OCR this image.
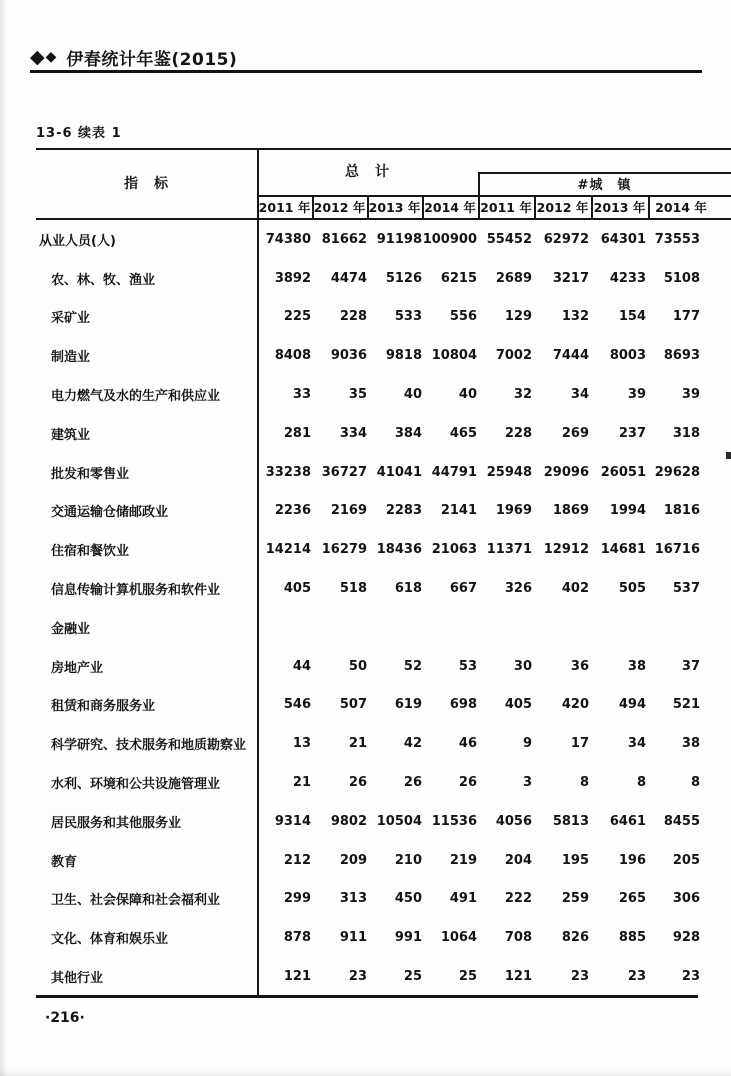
◆ ◆ 伊春统计年鉴(2015)
13-6 续表 1
指　标
总　计
#城　镇
2011 年 2012 年 2013 年 2014 年 2011 年 2012 年 2013 年 2014 年
从业人员(人)	74380 81662 91198 100900 55452 62972 64301 73553
农、林、牧、渔业	3892	4474	5126	6215	2689	3217	4233	5108
采矿业	225	228	533	556	129	132	154	177
制造业	8408	9036	9818 10804	7002	7444	8003	8693
电力燃气及水的生产和供应业	33	35	40	40	32	34	39	39
建筑业	281	334	384	465	228	269	237	318
批发和零售业	33238 36727 41041 44791 25948 29096 26051 29628
交通运输仓储邮政业	2236	2169	2283	2141	1969	1869	1994	1816
住宿和餐饮业	14214 16279 18436 21063 11371 12912 14681 16716
信息传输计算机服务和软件业	405	518	618	667	326	402	505	537
金融业
房地产业	44	50	52	53	30	36	38	37
租赁和商务服务业	546	507	619	698	405	420	494	521
科学研究、技术服务和地质勘察业	13	21	42	46	9	17	34	38
水利、环境和公共设施管理业	21	26	26	26	3	8	8	8
居民服务和其他服务业	9314	9802 10504 11536	4056	5813	6461	8455
教育	212	209	210	219	204	195	196	205
卫生、社会保障和社会福利业	299	313	450	491	222	259	265	306
文化、体育和娱乐业	878	911	991	1064	708	826	885	928
其他行业	121	23	25	25	121	23	23	23
·216·
